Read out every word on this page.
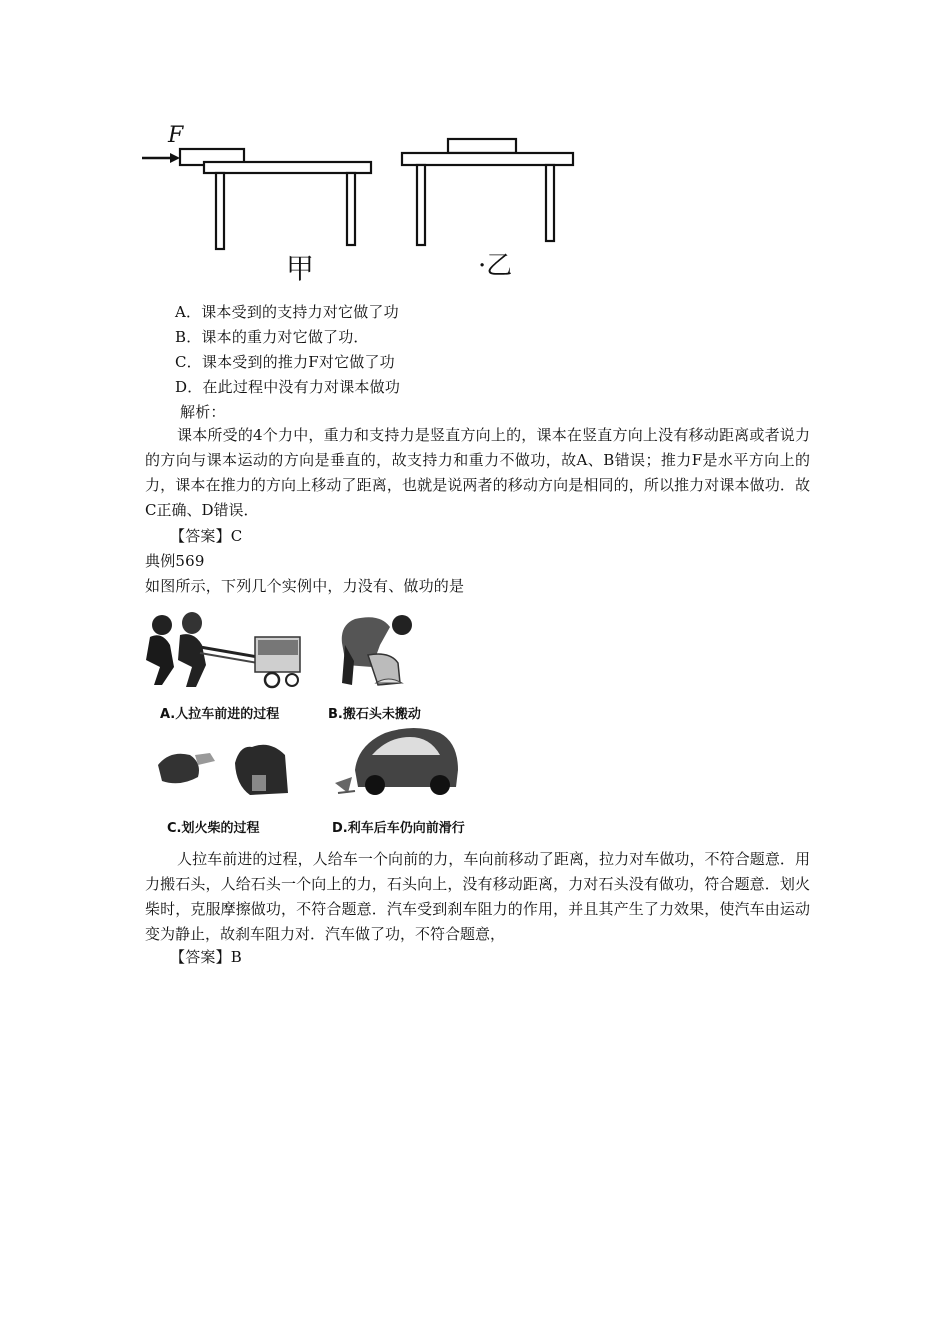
F
甲	·乙
A．课本受到的支持力对它做了功
B．课本的重力对它做了功．
C．课本受到的推力F对它做了功
D．在此过程中没有力对课本做功
解析：
课本所受的4个力中，重力和支持力是竖直方向上的，课本在竖直方向上没有移动距离或者说力的方向与课本运动的方向是垂直的，故支持力和重力不做功，故A、B错误；推力F是水平方向上的力，课本在推力的方向上移动了距离，也就是说两者的移动方向是相同的，所以推力对课本做功．故C正确、D错误．
【答案】C
典例569
如图所示，下列几个实例中，力没有、做功的是
A.人拉车前进的过程	B.搬石头未搬动
C.划火柴的过程	D.利车后车仍向前滑行
人拉车前进的过程，人给车一个向前的力，车向前移动了距离，拉力对车做功，不符合题意．用力搬石头，人给石头一个向上的力，石头向上，没有移动距离，力对石头没有做功，符合题意．划火柴时，克服摩擦做功，不符合题意．汽车受到刹车阻力的作用，并且其产生了力效果，使汽车由运动变为静止，故刹车阻力对．汽车做了功，不符合题意，
【答案】B
